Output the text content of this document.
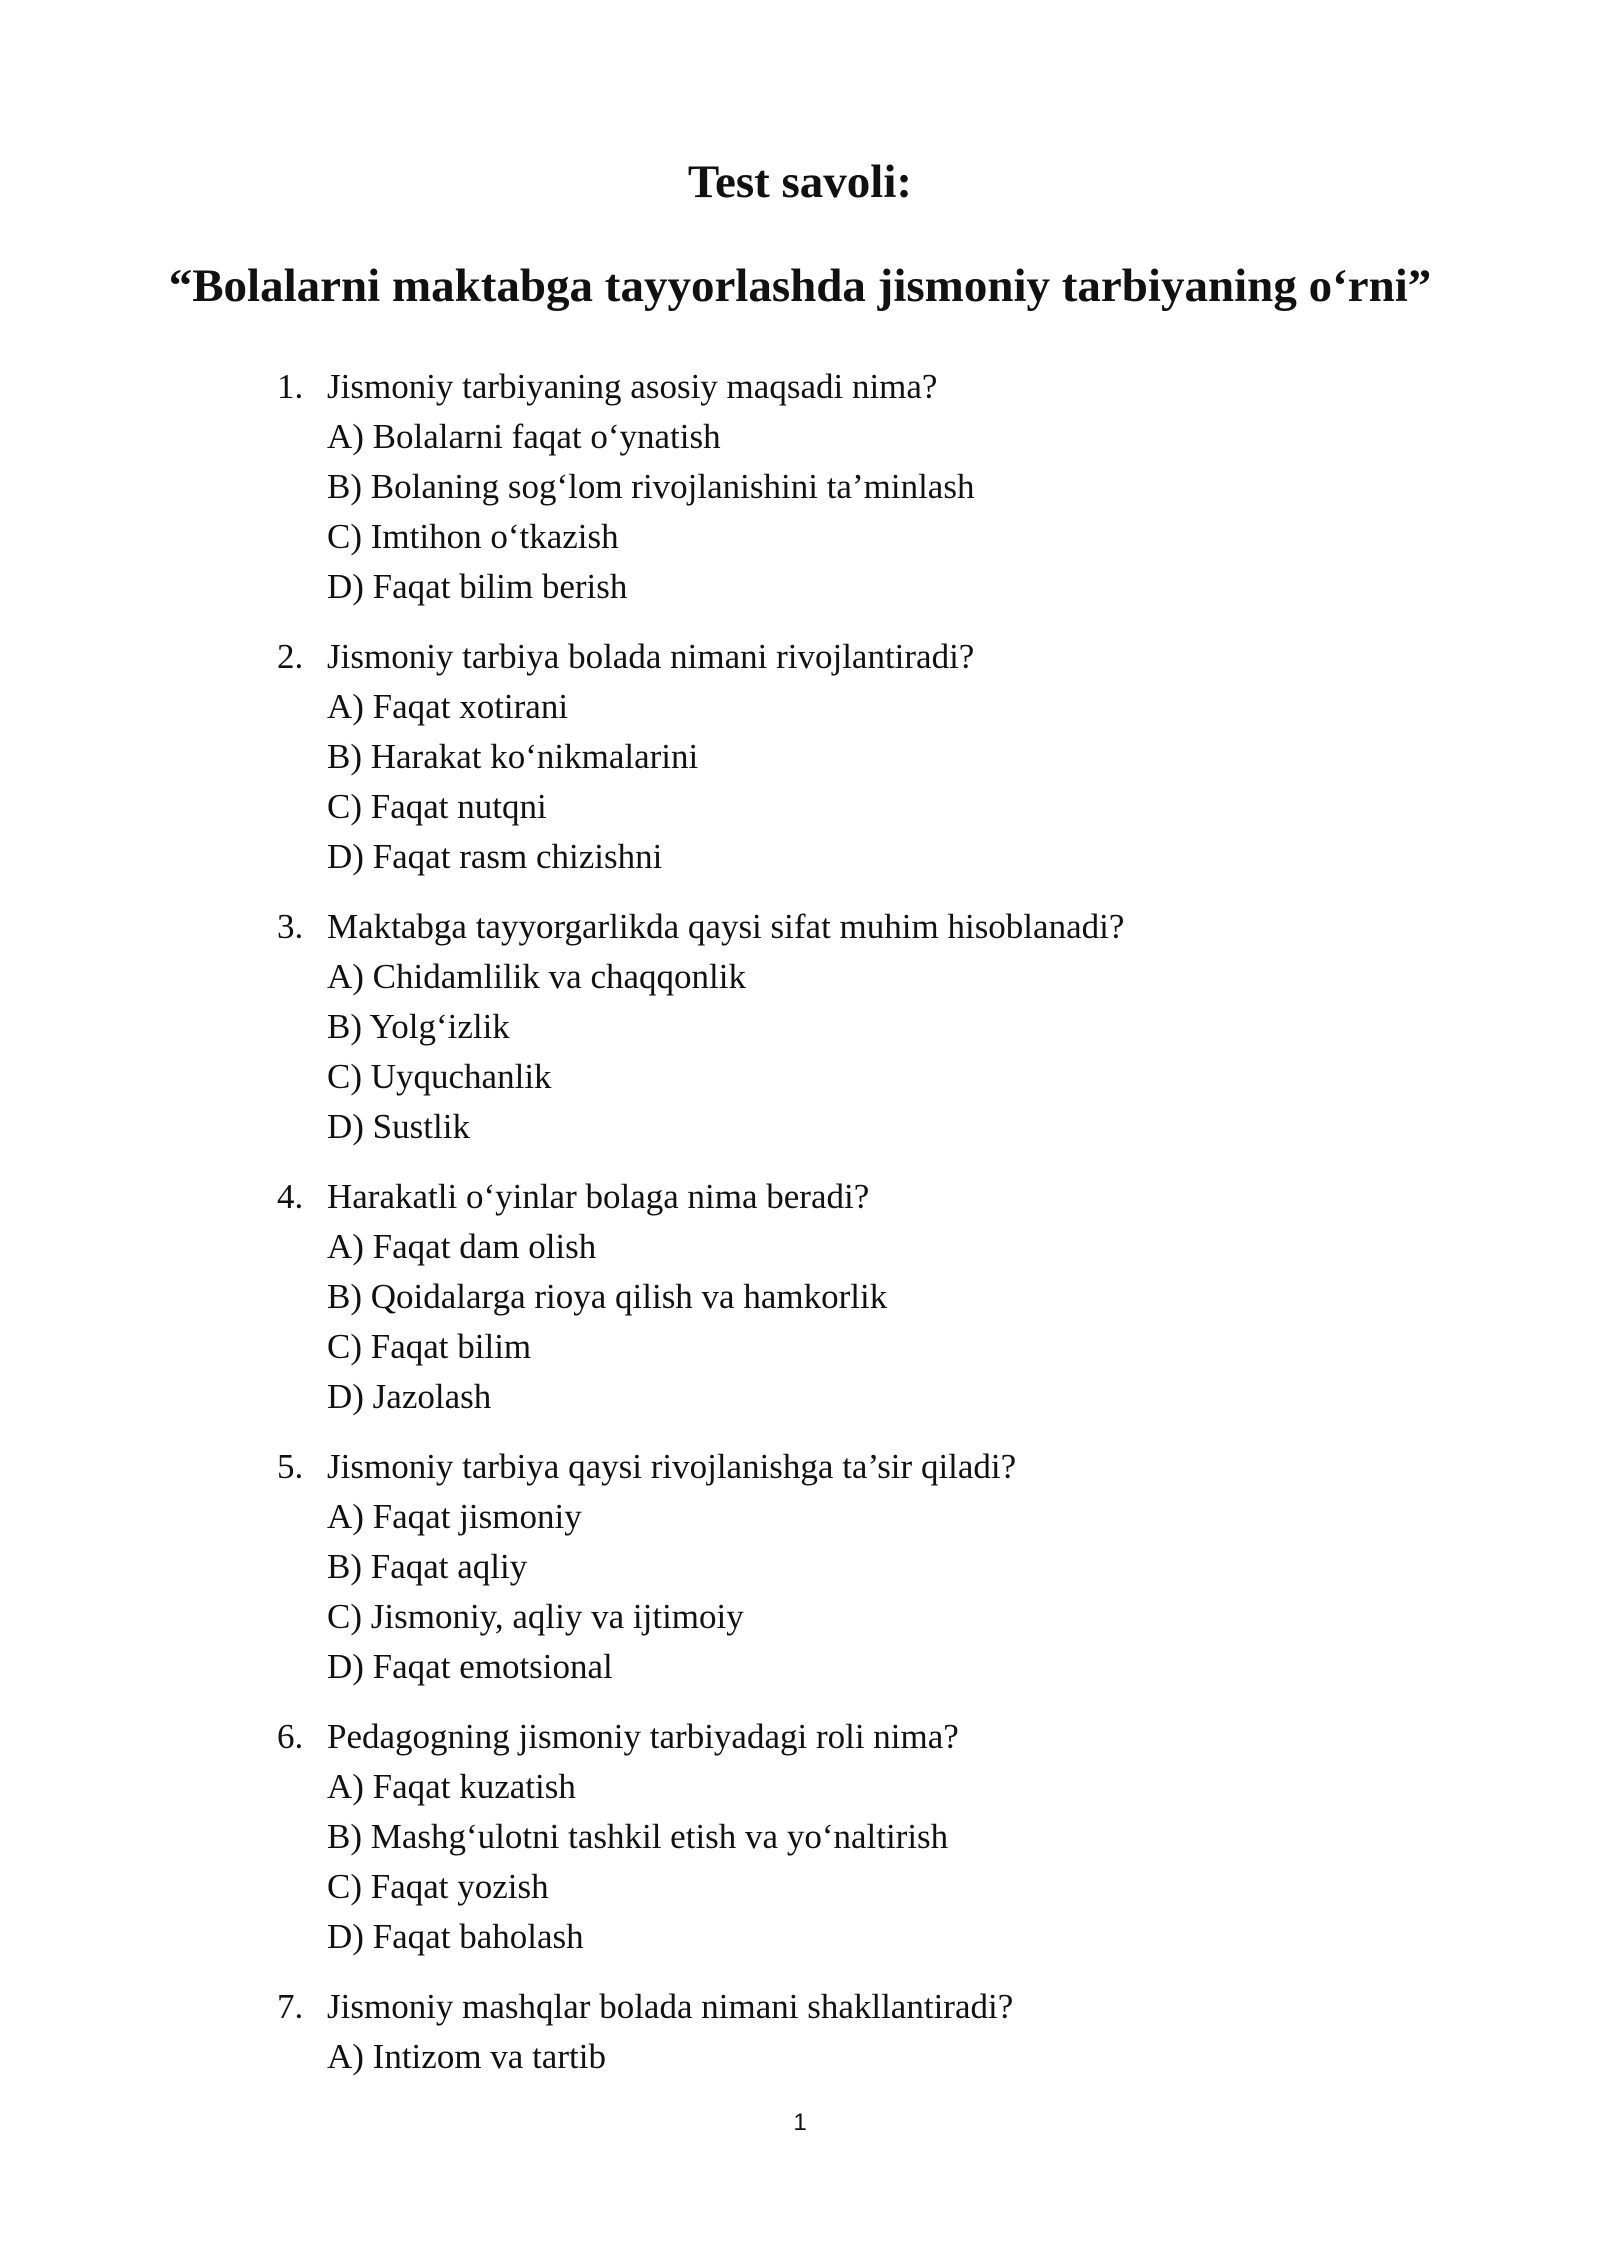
Test savoli:
“Bolalarni maktabga tayyorlashda jismoniy tarbiyaning o‘rni”
1. Jismoniy tarbiyaning asosiy maqsadi nima?
A) Bolalarni faqat o‘ynatish
B) Bolaning sog‘lom rivojlanishini ta’minlash
C) Imtihon o‘tkazish
D) Faqat bilim berish
2. Jismoniy tarbiya bolada nimani rivojlantiradi?
A) Faqat xotirani
B) Harakat ko‘nikmalarini
C) Faqat nutqni
D) Faqat rasm chizishni
3. Maktabga tayyorgarlikda qaysi sifat muhim hisoblanadi?
A) Chidamlilik va chaqqonlik
B) Yolg‘izlik
C) Uyquchanlik
D) Sustlik
4. Harakatli o‘yinlar bolaga nima beradi?
A) Faqat dam olish
B) Qoidalarga rioya qilish va hamkorlik
C) Faqat bilim
D) Jazolash
5. Jismoniy tarbiya qaysi rivojlanishga ta’sir qiladi?
A) Faqat jismoniy
B) Faqat aqliy
C) Jismoniy, aqliy va ijtimoiy
D) Faqat emotsional
6. Pedagogning jismoniy tarbiyadagi roli nima?
A) Faqat kuzatish
B) Mashg‘ulotni tashkil etish va yo‘naltirish
C) Faqat yozish
D) Faqat baholash
7. Jismoniy mashqlar bolada nimani shakllantiradi?
A) Intizom va tartib
1
